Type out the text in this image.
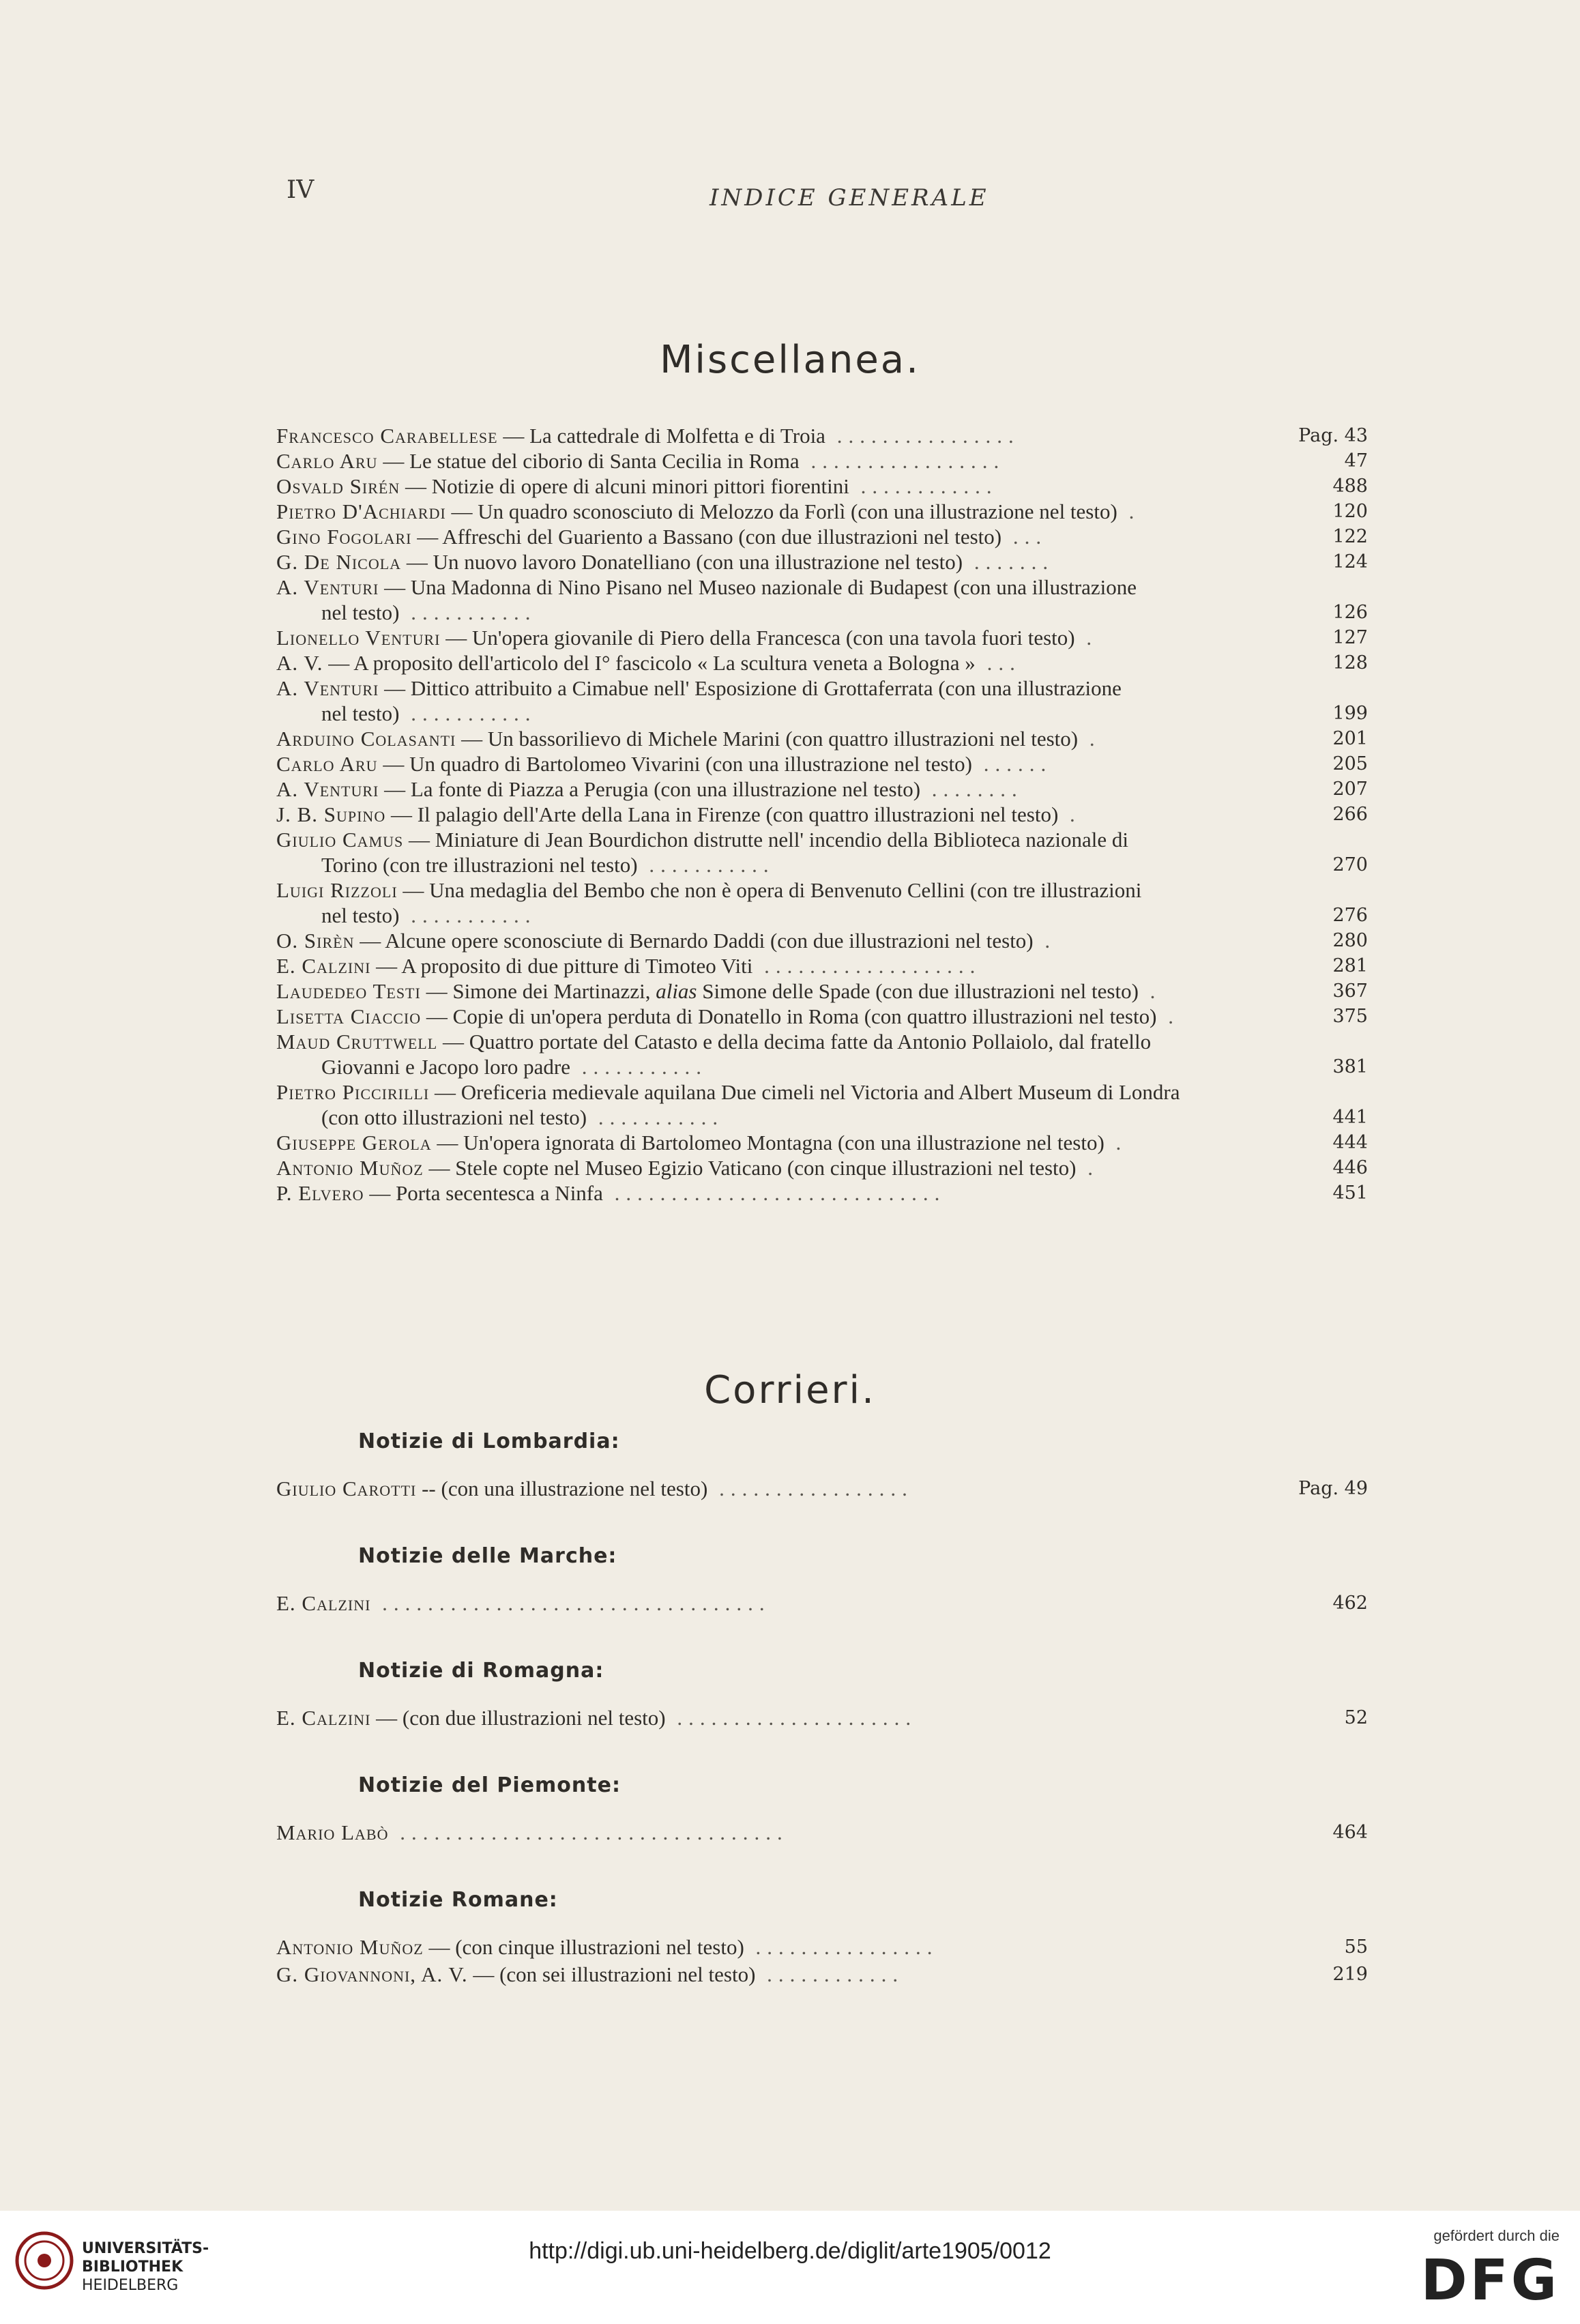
IV	INDICE GENERALE
Miscellanea.
Francesco Carabellese — La cattedrale di Molfetta e di Troia ................	Pag. 43
Carlo Aru — Le statue del ciborio di Santa Cecilia in Roma .................	47
Osvald Sirén — Notizie di opere di alcuni minori pittori fiorentini ............	488
Pietro D'Achiardi — Un quadro sconosciuto di Melozzo da Forlì (con una illustrazione nel testo) .	120
Gino Fogolari — Affreschi del Guariento a Bassano (con due illustrazioni nel testo) ...	122
G. De Nicola — Un nuovo lavoro Donatelliano (con una illustrazione nel testo) .......	124
A. Venturi — Una Madonna di Nino Pisano nel Museo nazionale di Budapest (con una illustrazione
nel testo) ...........	126
Lionello Venturi — Un'opera giovanile di Piero della Francesca (con una tavola fuori testo) .	127
A. V. — A proposito dell'articolo del I° fascicolo « La scultura veneta a Bologna » ...	128
A. Venturi — Dittico attribuito a Cimabue nell' Esposizione di Grottaferrata (con una illustrazione
nel testo) ...........	199
Arduino Colasanti — Un bassorilievo di Michele Marini (con quattro illustrazioni nel testo) .	201
Carlo Aru — Un quadro di Bartolomeo Vivarini (con una illustrazione nel testo) ......	205
A. Venturi — La fonte di Piazza a Perugia (con una illustrazione nel testo) ........	207
J. B. Supino — Il palagio dell'Arte della Lana in Firenze (con quattro illustrazioni nel testo) .	266
Giulio Camus — Miniature di Jean Bourdichon distrutte nell' incendio della Biblioteca nazionale di
Torino (con tre illustrazioni nel testo) ...........	270
Luigi Rizzoli — Una medaglia del Bembo che non è opera di Benvenuto Cellini (con tre illustrazioni
nel testo) ...........	276
O. Sirèn — Alcune opere sconosciute di Bernardo Daddi (con due illustrazioni nel testo) .	280
E. Calzini — A proposito di due pitture di Timoteo Viti ...................	281
Laudedeo Testi — Simone dei Martinazzi, alias Simone delle Spade (con due illustrazioni nel testo) .	367
Lisetta Ciaccio — Copie di un'opera perduta di Donatello in Roma (con quattro illustrazioni nel testo) .	375
Maud Cruttwell — Quattro portate del Catasto e della decima fatte da Antonio Pollaiolo, dal fratello
Giovanni e Jacopo loro padre ...........	381
Pietro Piccirilli — Oreficeria medievale aquilana Due cimeli nel Victoria and Albert Museum di Londra
(con otto illustrazioni nel testo) ...........	441
Giuseppe Gerola — Un'opera ignorata di Bartolomeo Montagna (con una illustrazione nel testo) .	444
Antonio Muñoz — Stele copte nel Museo Egizio Vaticano (con cinque illustrazioni nel testo) .	446
P. Elvero — Porta secentesca a Ninfa .............................	451
Corrieri.
Notizie di Lombardia:
Giulio Carotti -- (con una illustrazione nel testo) .................	Pag. 49
Notizie delle Marche:
E. Calzini ..................................	462
Notizie di Romagna:
E. Calzini — (con due illustrazioni nel testo) .....................	52
Notizie del Piemonte:
Mario Labò ..................................	464
Notizie Romane:
Antonio Muñoz — (con cinque illustrazioni nel testo) ................	55
G. Giovannoni, A. V. — (con sei illustrazioni nel testo) ............	219
UNIVERSITÄTS-
BIBLIOTHEK
HEIDELBERG
http://digi.ub.uni-heidelberg.de/diglit/arte1905/0012
gefördert durch die
DFG
